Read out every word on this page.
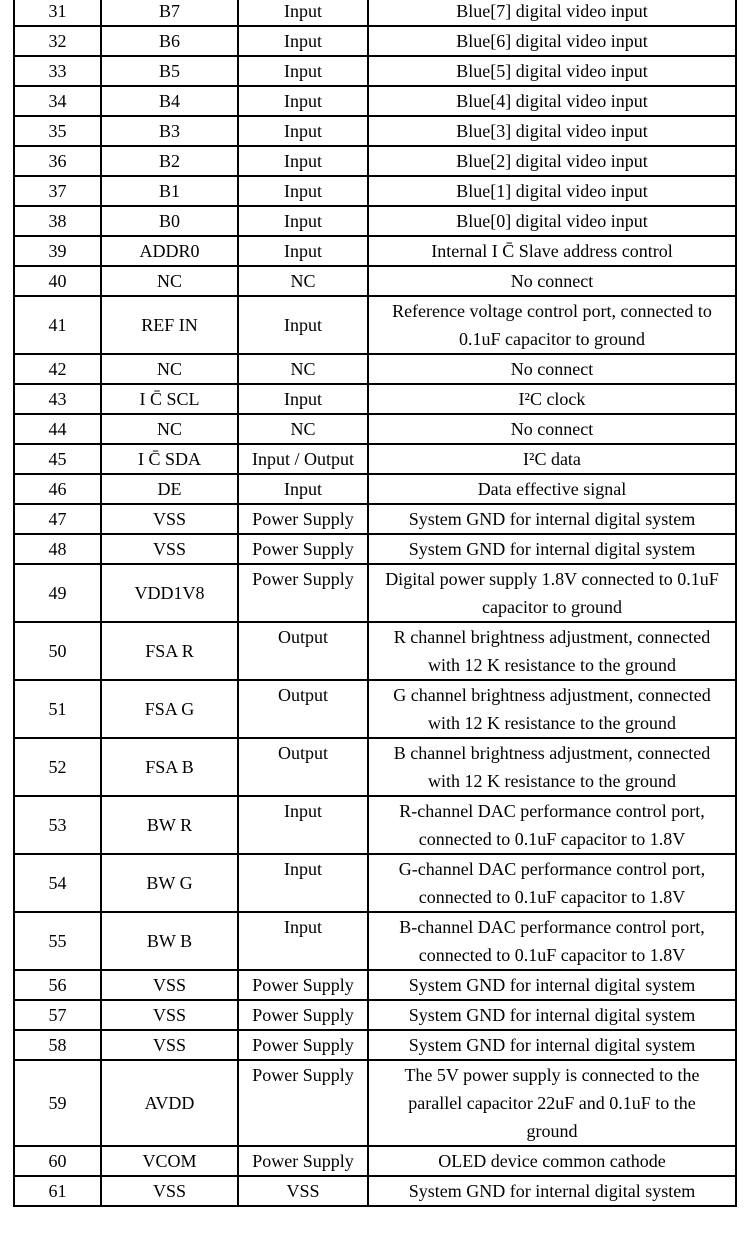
31	B7	Input	Blue[7] digital video input

32	B6	Input	Blue[6] digital video input

33	B5	Input	Blue[5] digital video input

34	B4	Input	Blue[4] digital video input

35	B3	Input	Blue[3] digital video input

36	B2	Input	Blue[2] digital video input

37	B1	Input	Blue[1] digital video input

38	B0	Input	Blue[0] digital video input

39	ADDR0	Input	Internal I C̄ Slave address control

40	NC	NC	No connect

41	REF IN	Input	Reference voltage control port, connected to
0.1uF capacitor to ground

42	NC	NC	No connect

43	I C̄ SCL	Input	I²C clock

44	NC	NC	No connect

45	I C̄ SDA	Input / Output	I²C data

46	DE	Input	Data effective signal

47	VSS	Power Supply	System GND for internal digital system

48	VSS	Power Supply	System GND for internal digital system

49	VDD1V8	Power Supply	Digital power supply 1.8V connected to 0.1uF
capacitor to ground

50	FSA R	Output	R channel brightness adjustment, connected
with 12 K resistance to the ground

51	FSA G	Output	G channel brightness adjustment, connected
with 12 K resistance to the ground

52	FSA B	Output	B channel brightness adjustment, connected
with 12 K resistance to the ground

53	BW R	Input	R-channel DAC performance control port,
connected to 0.1uF capacitor to 1.8V

54	BW G	Input	G-channel DAC performance control port,
connected to 0.1uF capacitor to 1.8V

55	BW B	Input	B-channel DAC performance control port,
connected to 0.1uF capacitor to 1.8V

56	VSS	Power Supply	System GND for internal digital system

57	VSS	Power Supply	System GND for internal digital system

58	VSS	Power Supply	System GND for internal digital system

59	AVDD	Power Supply	The 5V power supply is connected to the
parallel capacitor 22uF and 0.1uF to the
ground

60	VCOM	Power Supply	OLED device common cathode

61	VSS	VSS	System GND for internal digital system
